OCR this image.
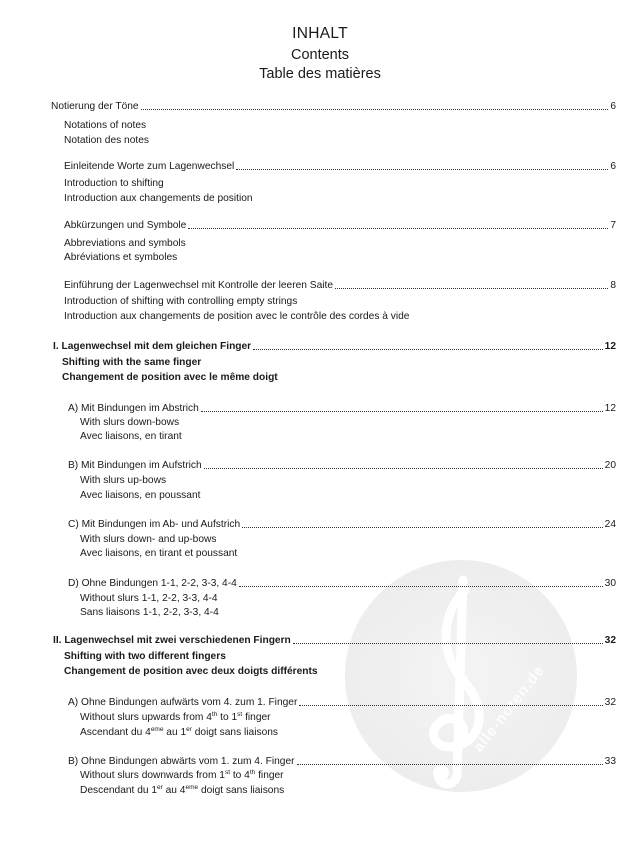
INHALT
Contents
Table des matières
alle-noten.de
Notierung der Töne	6
Notations of notes
Notation des notes
Einleitende Worte zum Lagenwechsel	6
Introduction to shifting
Introduction aux changements de position
Abkürzungen und Symbole	7
Abbreviations and symbols
Abréviations et symboles
Einführung der Lagenwechsel mit Kontrolle der leeren Saite	8
Introduction of shifting with controlling empty strings
Introduction aux changements de position avec le contrôle des cordes à vide
I. Lagenwechsel mit dem gleichen Finger	12
Shifting with the same finger
Changement de position avec le même doigt
A) Mit Bindungen im Abstrich	12
With slurs down-bows
Avec liaisons, en tirant
B) Mit Bindungen im Aufstrich	20
With slurs up-bows
Avec liaisons, en poussant
C) Mit Bindungen im Ab- und Aufstrich	24
With slurs down- and up-bows
Avec liaisons, en tirant et poussant
D) Ohne Bindungen 1-1, 2-2, 3-3, 4-4	30
Without slurs 1-1, 2-2, 3-3, 4-4
Sans liaisons 1-1, 2-2, 3-3, 4-4
II. Lagenwechsel mit zwei verschiedenen Fingern	32
Shifting with two different fingers
Changement de position avec deux doigts différents
A) Ohne Bindungen aufwärts vom 4. zum 1. Finger	32
Without slurs upwards from 4th to 1st finger
Ascendant du 4eme au 1er doigt sans liaisons
B) Ohne Bindungen abwärts vom 1. zum 4. Finger	33
Without slurs downwards from 1st to 4th finger
Descendant du 1er au 4eme doigt sans liaisons
